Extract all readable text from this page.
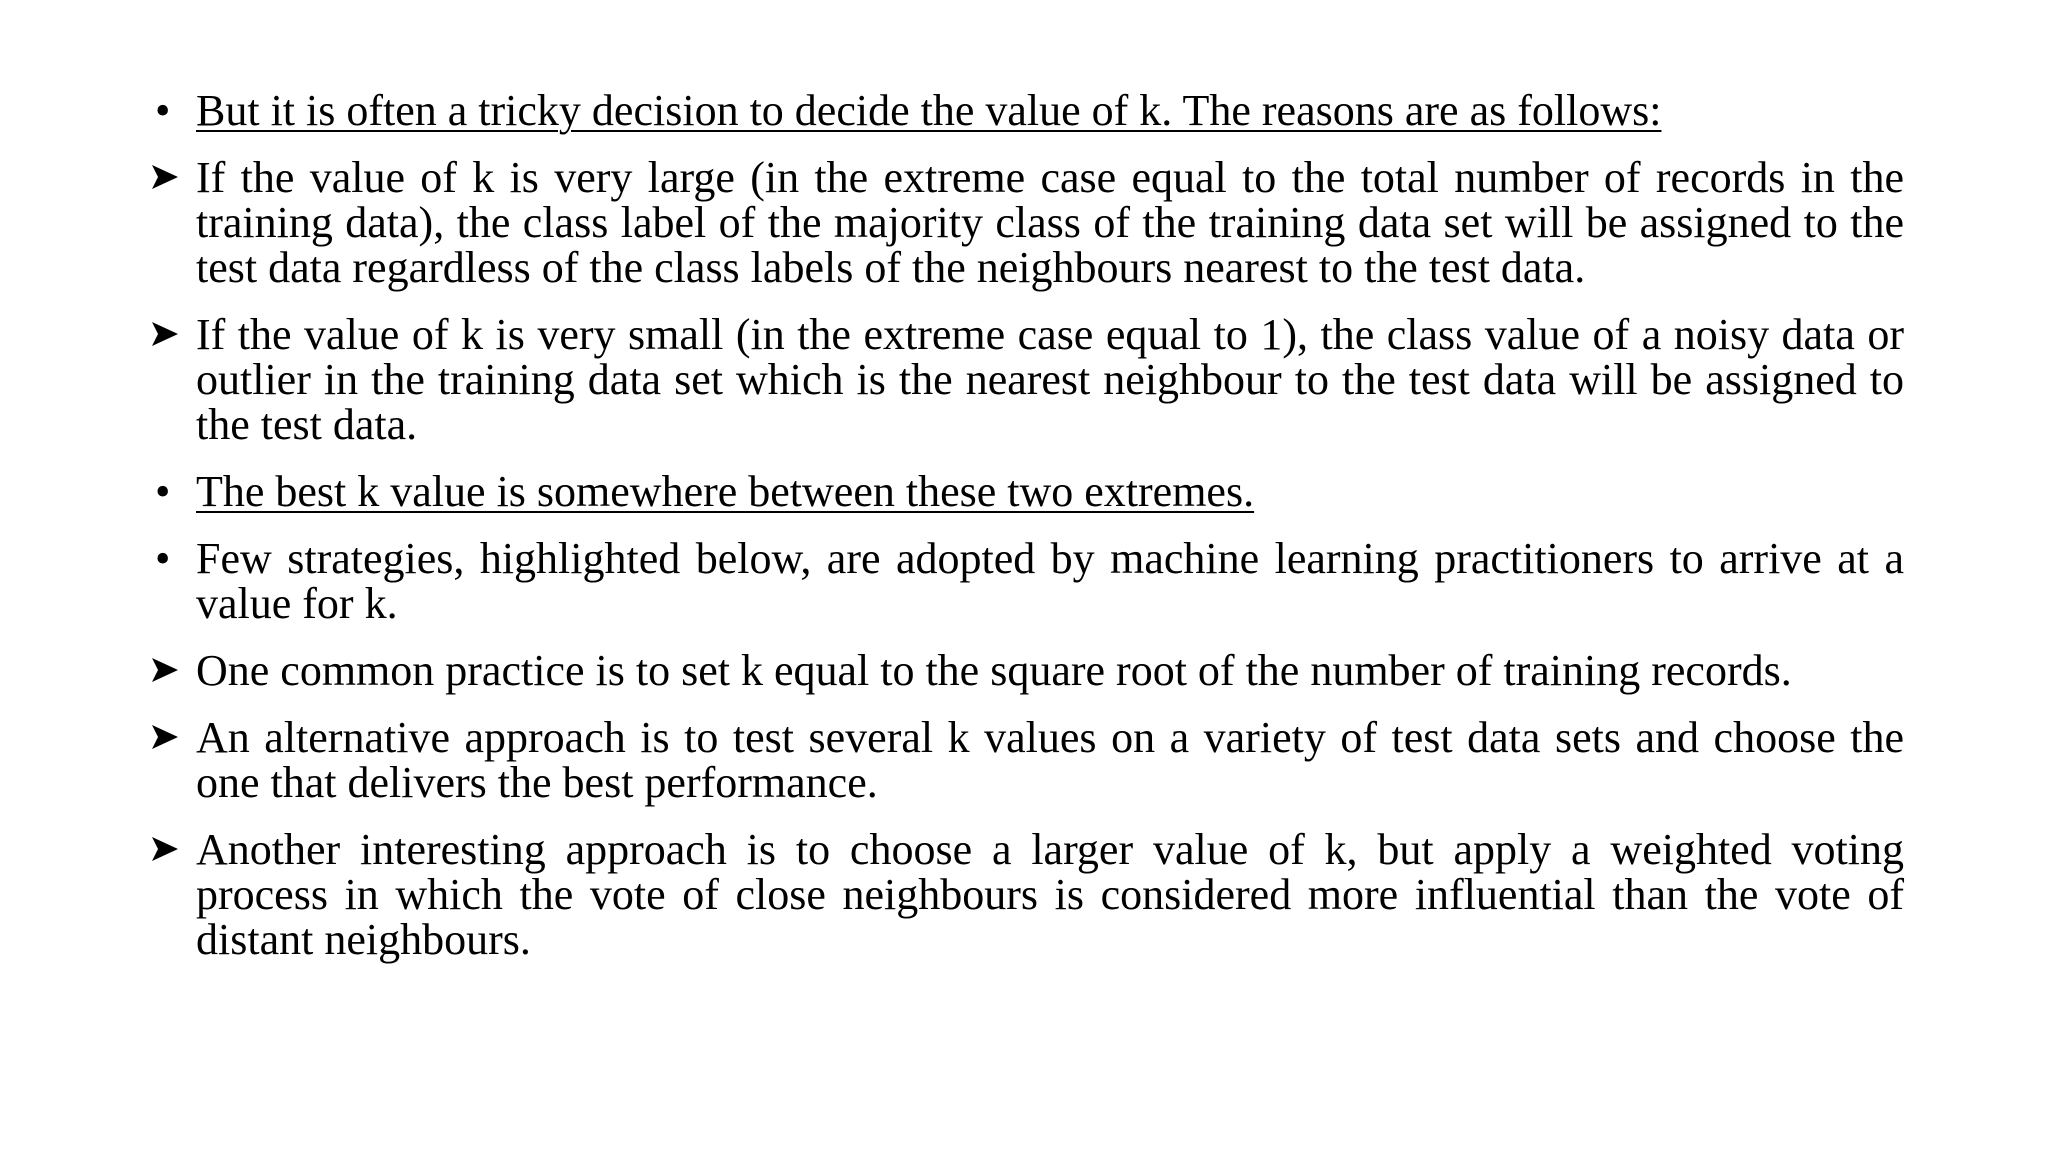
• But it is often a tricky decision to decide the value of k. The reasons are as follows:
If the value of k is very large (in the extreme case equal to the total number of records in the training data), the class label of the majority class of the training data set will be assigned to the test data regardless of the class labels of the neighbours nearest to the test data.
If the value of k is very small (in the extreme case equal to 1), the class value of a noisy data or outlier in the training data set which is the nearest neighbour to the test data will be assigned to the test data.
• The best k value is somewhere between these two extremes.
• Few strategies, highlighted below, are adopted by machine learning practitioners to arrive at a value for k.
One common practice is to set k equal to the square root of the number of training records.
An alternative approach is to test several k values on a variety of test data sets and choose the one that delivers the best performance.
Another interesting approach is to choose a larger value of k, but apply a weighted voting process in which the vote of close neighbours is considered more influential than the vote of distant neighbours.
